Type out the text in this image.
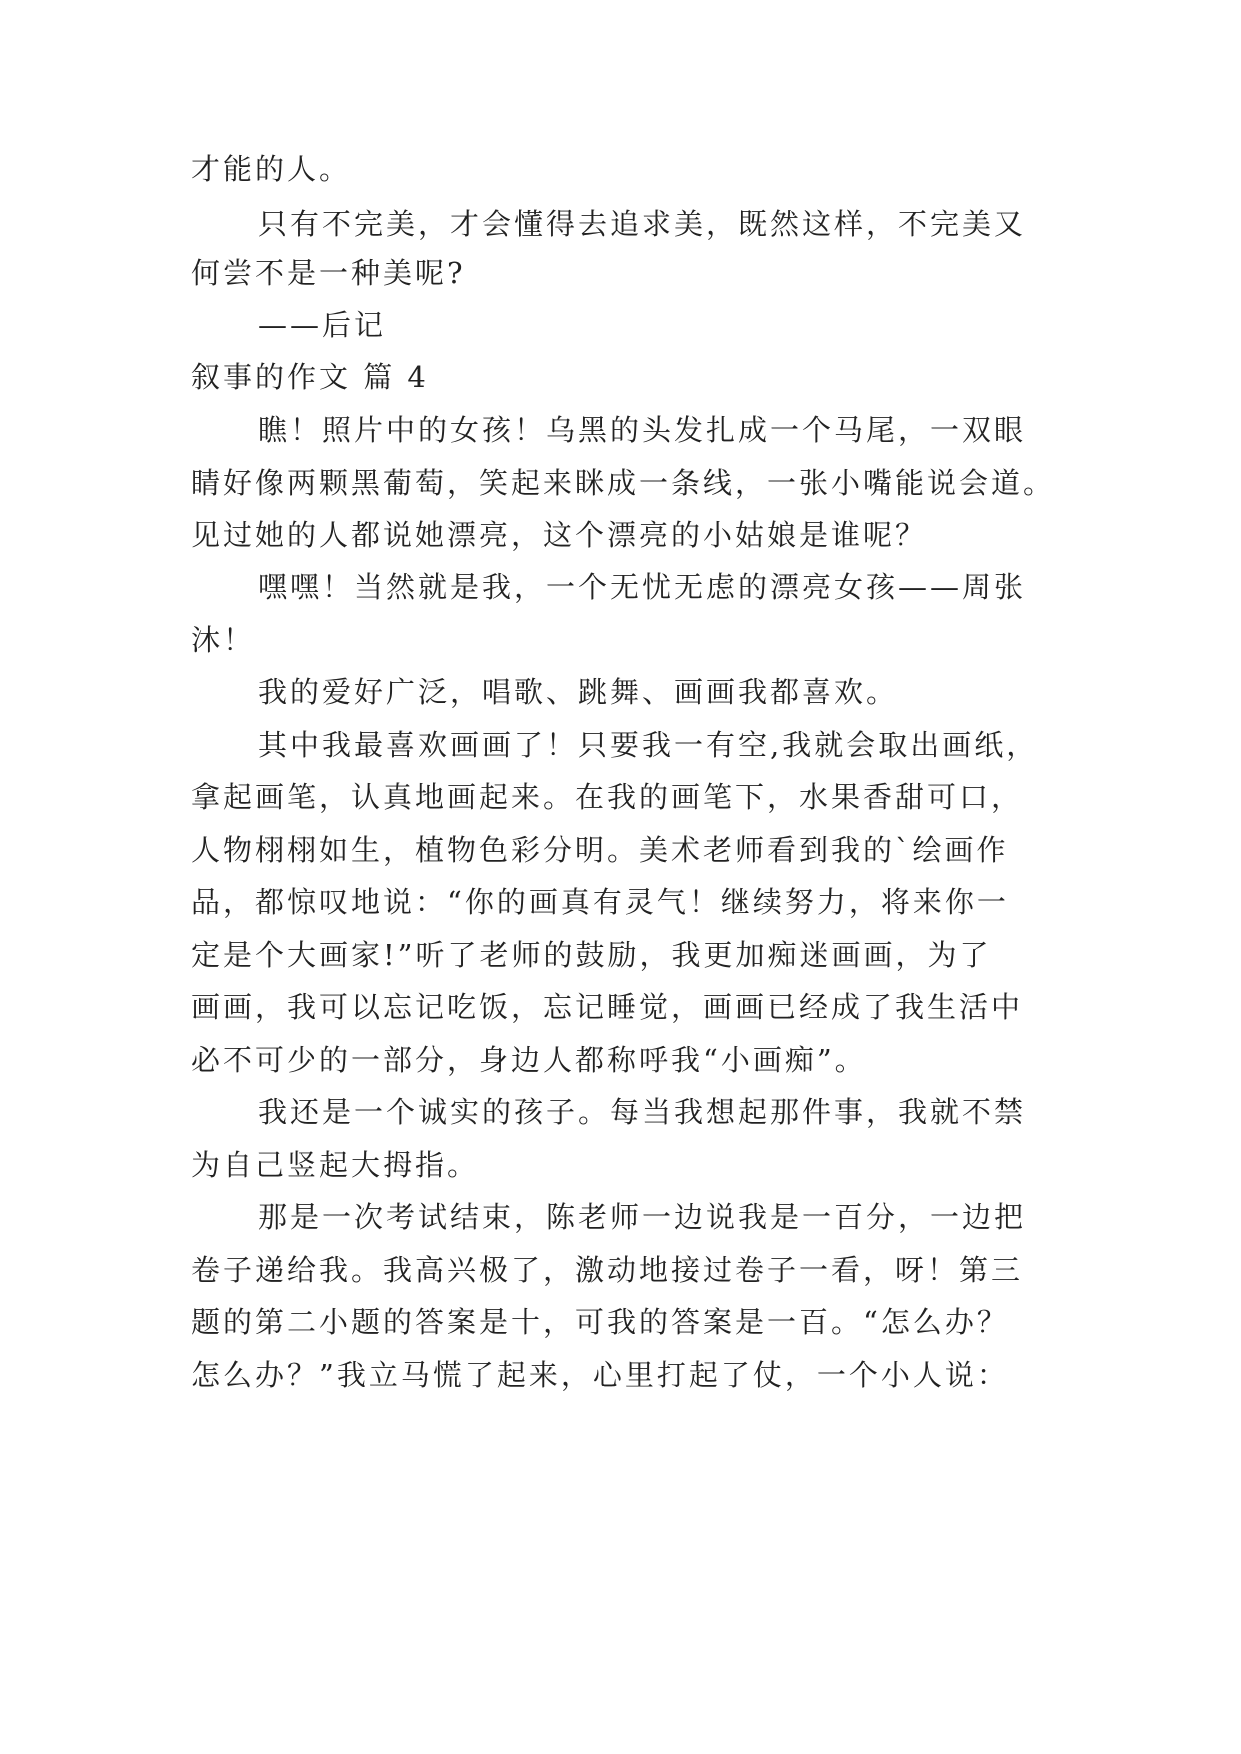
才能的人。
只有不完美，才会懂得去追求美，既然这样，不完美又
何尝不是一种美呢?
——后记
叙事的作文 篇 4
瞧！照片中的女孩！乌黑的头发扎成一个马尾，一双眼
睛好像两颗黑葡萄，笑起来眯成一条线，一张小嘴能说会道。
见过她的人都说她漂亮，这个漂亮的小姑娘是谁呢？
嘿嘿！当然就是我，一个无忧无虑的漂亮女孩——周张
沐！
我的爱好广泛，唱歌、跳舞、画画我都喜欢。
其中我最喜欢画画了！只要我一有空,我就会取出画纸，
拿起画笔，认真地画起来。在我的画笔下，水果香甜可口，
人物栩栩如生，植物色彩分明。美术老师看到我的`绘画作
品，都惊叹地说：“你的画真有灵气！继续努力，将来你一
定是个大画家!”听了老师的鼓励，我更加痴迷画画，为了
画画，我可以忘记吃饭，忘记睡觉，画画已经成了我生活中
必不可少的一部分，身边人都称呼我“小画痴”。
我还是一个诚实的孩子。每当我想起那件事，我就不禁
为自己竖起大拇指。
那是一次考试结束，陈老师一边说我是一百分，一边把
卷子递给我。我高兴极了，激动地接过卷子一看，呀！第三
题的第二小题的答案是十，可我的答案是一百。“怎么办？
怎么办？”我立马慌了起来，心里打起了仗，一个小人说：
